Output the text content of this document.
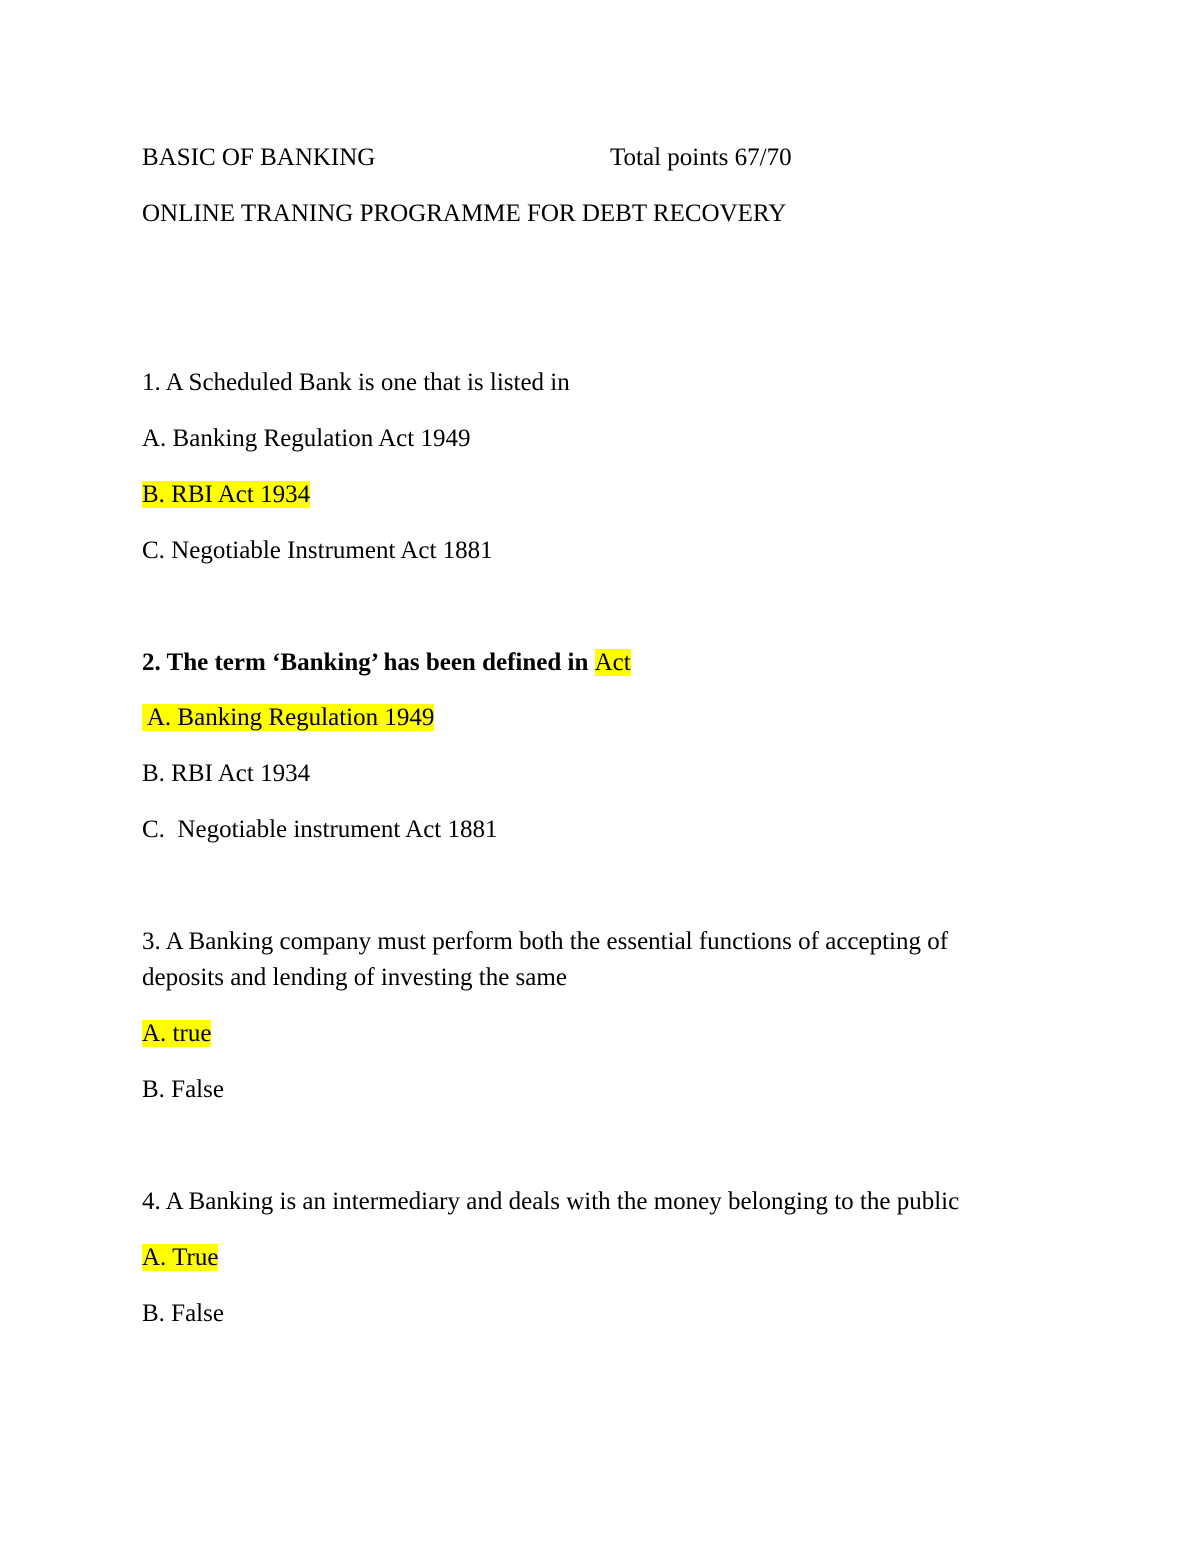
BASIC OF BANKING	Total points 67/70
ONLINE TRANING PROGRAMME FOR DEBT RECOVERY
1. A Scheduled Bank is one that is listed in
A. Banking Regulation Act 1949
B. RBI Act 1934
C. Negotiable Instrument Act 1881
2. The term ‘Banking’ has been defined in Act
A. Banking Regulation 1949
B. RBI Act 1934
C.  Negotiable instrument Act 1881
3. A Banking company must perform both the essential functions of accepting of
deposits and lending of investing the same
A. true
B. False
4. A Banking is an intermediary and deals with the money belonging to the public
A. True
B. False
